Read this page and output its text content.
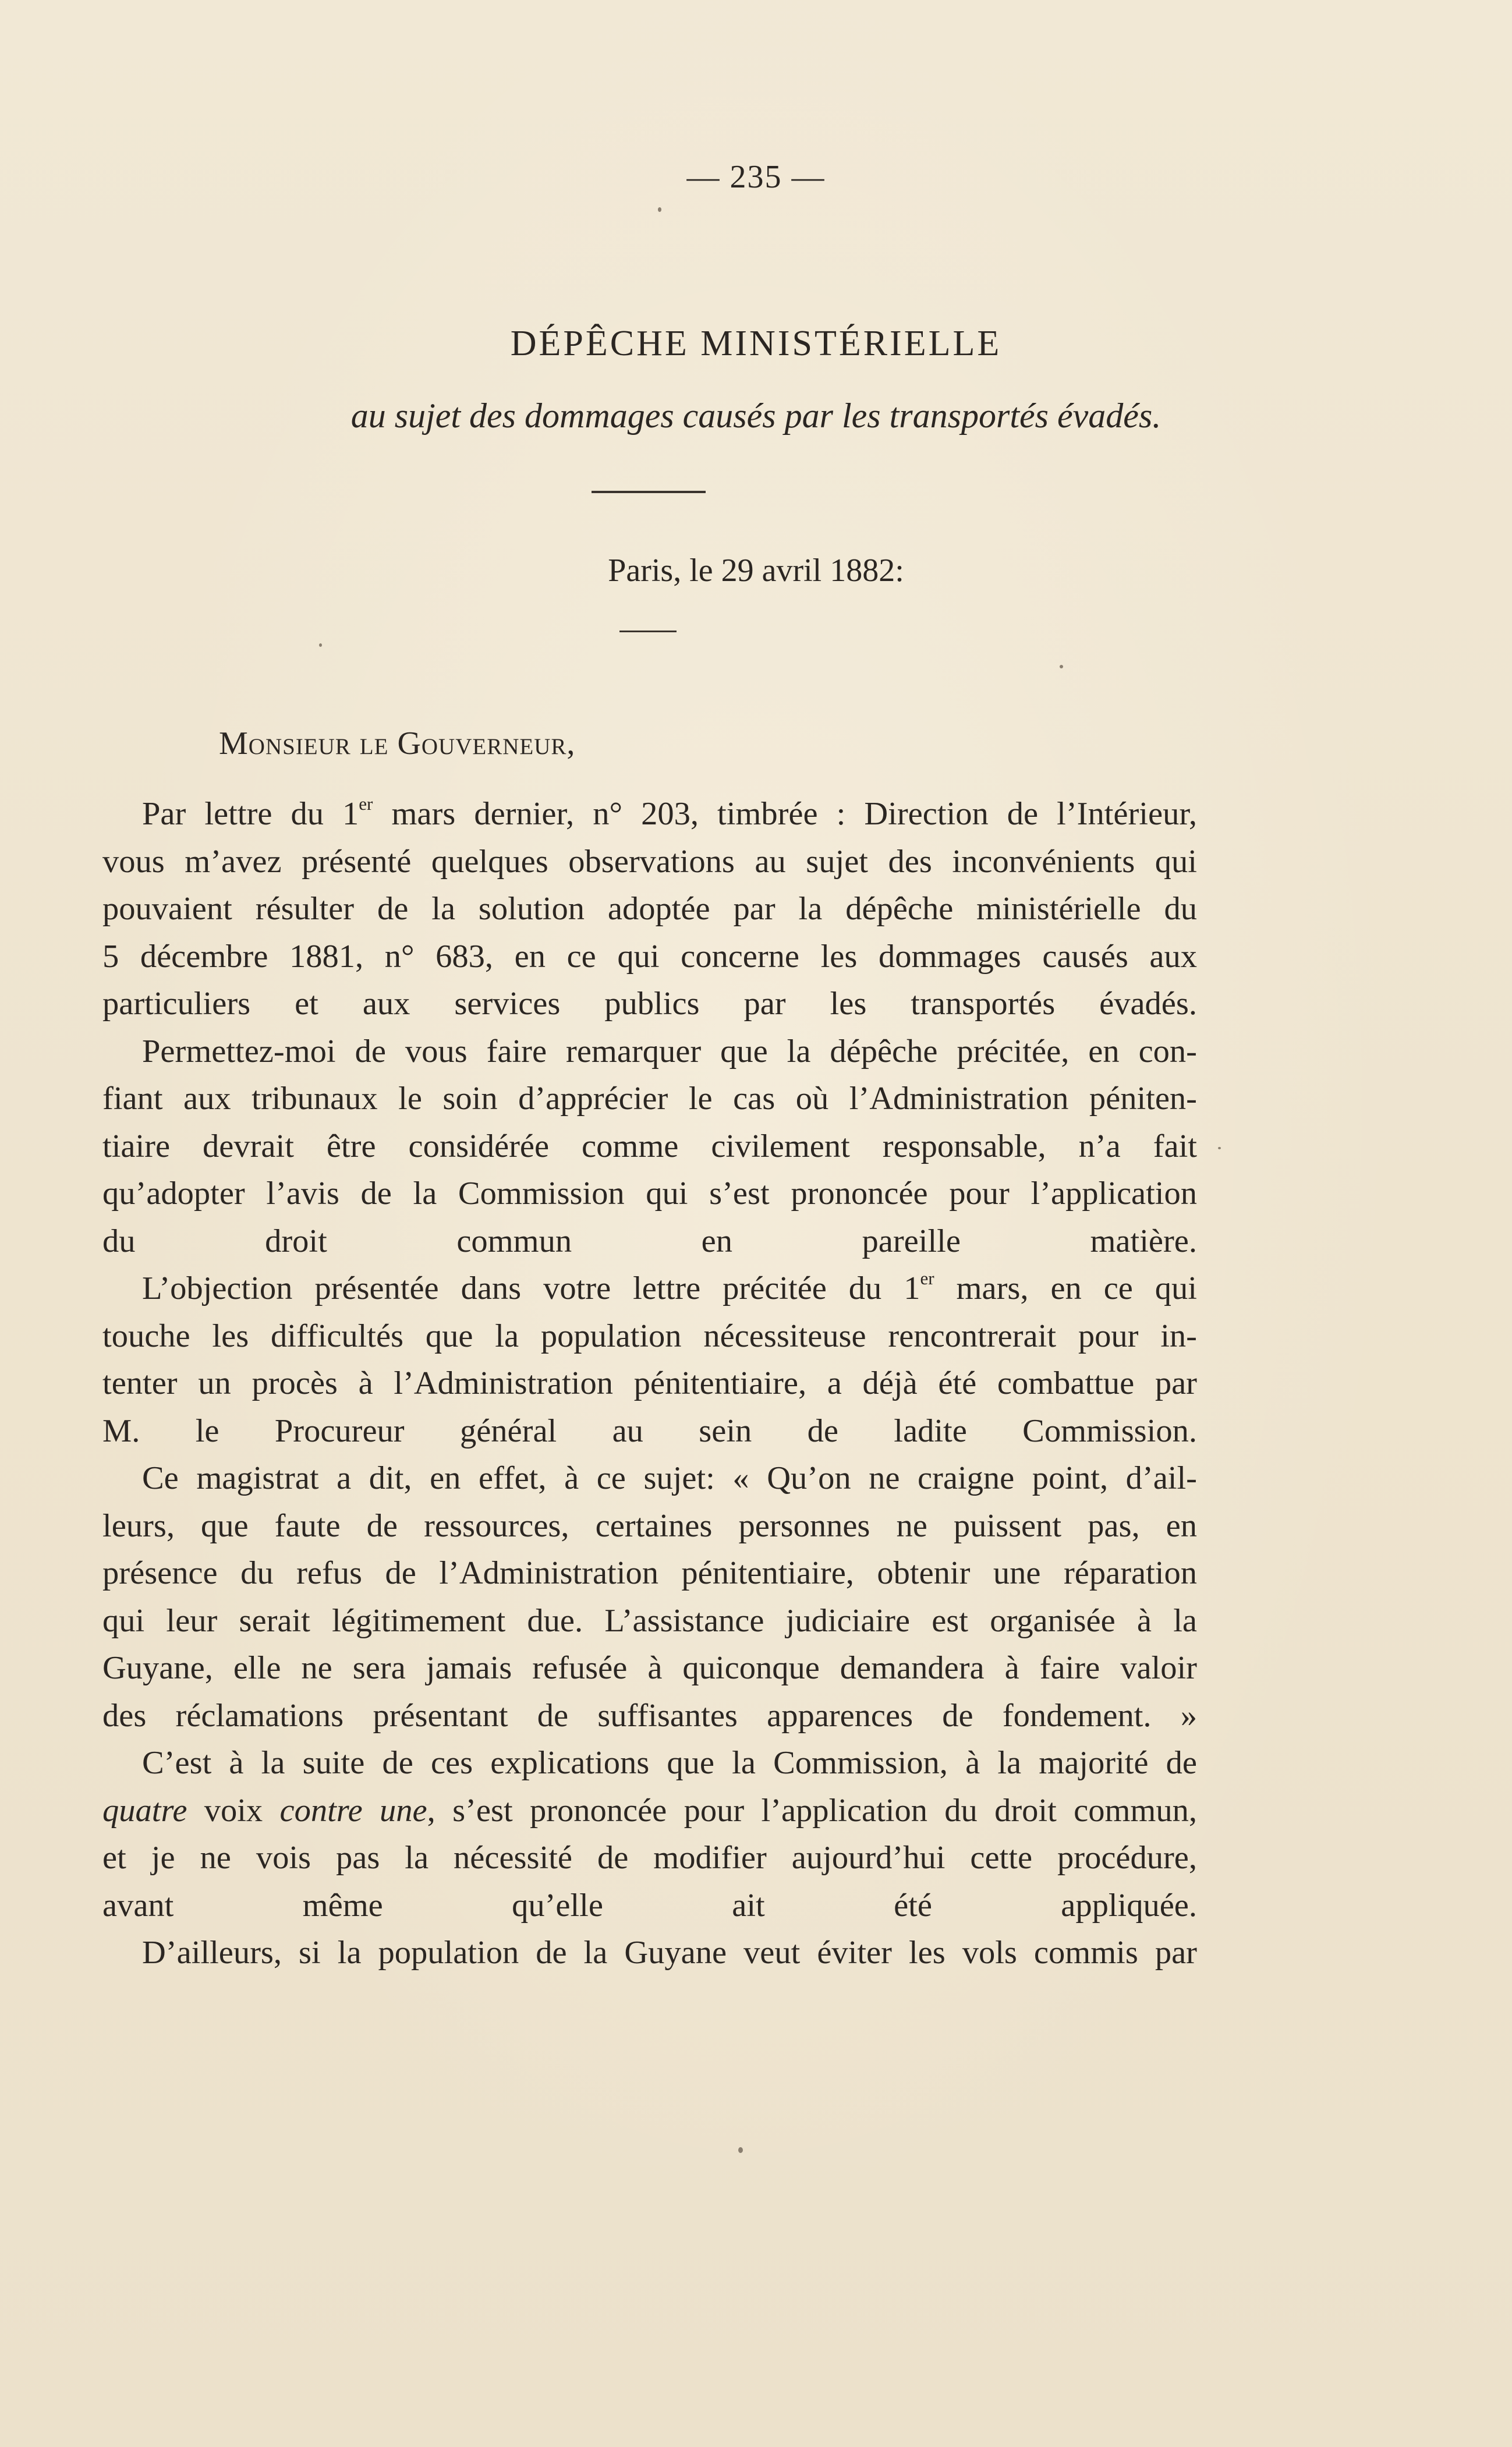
— 235 —
DÉPÊCHE MINISTÉRIELLE
au sujet des dommages causés par les transportés évadés.
Paris, le 29 avril 1882:
Monsieur le Gouverneur,
Par lettre du 1er mars dernier, n° 203, timbrée : Direction de l’Intérieur,
vous m’avez présenté quelques observations au sujet des inconvénients qui
pouvaient résulter de la solution adoptée par la dépêche ministérielle du
5 décembre 1881, n° 683, en ce qui concerne les dommages causés aux
particuliers et aux services publics par les transportés évadés.
Permettez-moi de vous faire remarquer que la dépêche précitée, en con-
fiant aux tribunaux le soin d’apprécier le cas où l’Administration péniten-
tiaire devrait être considérée comme civilement responsable, n’a fait
qu’adopter l’avis de la Commission qui s’est prononcée pour l’application
du droit commun en pareille matière.
L’objection présentée dans votre lettre précitée du 1er mars, en ce qui
touche les difficultés que la population nécessiteuse rencontrerait pour in-
tenter un procès à l’Administration pénitentiaire, a déjà été combattue par
M. le Procureur général au sein de ladite Commission.
Ce magistrat a dit, en effet, à ce sujet: « Qu’on ne craigne point, d’ail-
leurs, que faute de ressources, certaines personnes ne puissent pas, en
présence du refus de l’Administration pénitentiaire, obtenir une réparation
qui leur serait légitimement due. L’assistance judiciaire est organisée à la
Guyane, elle ne sera jamais refusée à quiconque demandera à faire valoir
des réclamations présentant de suffisantes apparences de fondement. »
C’est à la suite de ces explications que la Commission, à la majorité de
quatre voix contre une, s’est prononcée pour l’application du droit commun,
et je ne vois pas la nécessité de modifier aujourd’hui cette procédure,
avant même qu’elle ait été appliquée.
D’ailleurs, si la population de la Guyane veut éviter les vols commis par
